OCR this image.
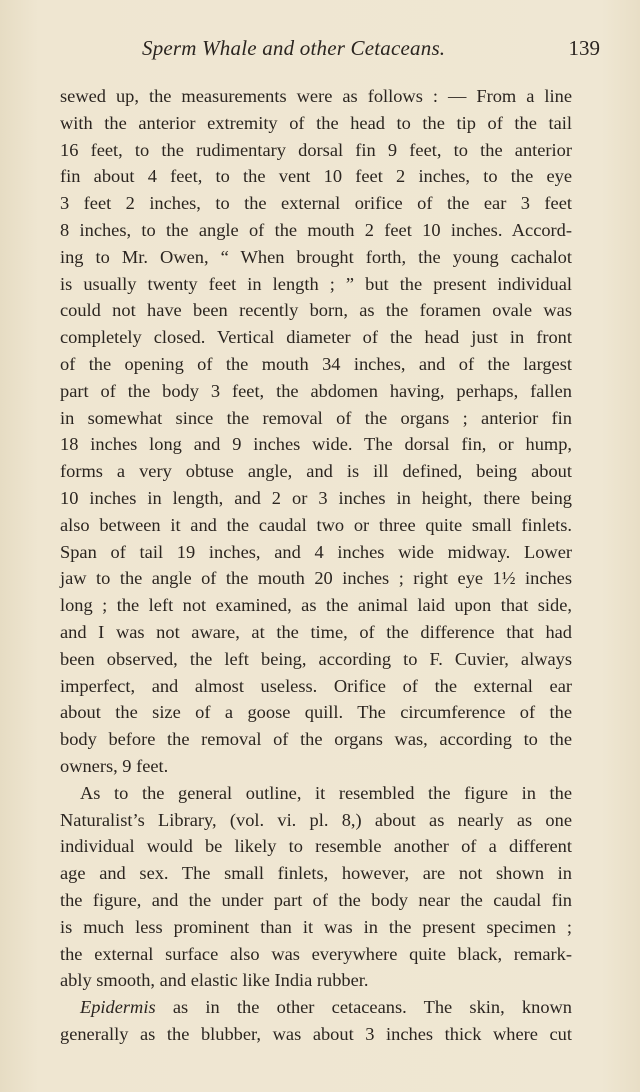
Sperm Whale and other Cetaceans.	139
sewed up, the measurements were as follows : — From a line
with the anterior extremity of the head to the tip of the tail
16 feet, to the rudimentary dorsal fin 9 feet, to the anterior
fin about 4 feet, to the vent 10 feet 2 inches, to the eye
3 feet 2 inches, to the external orifice of the ear 3 feet
8 inches, to the angle of the mouth 2 feet 10 inches. Accord-
ing to Mr. Owen, “ When brought forth, the young cachalot
is usually twenty feet in length ; ” but the present individual
could not have been recently born, as the foramen ovale was
completely closed. Vertical diameter of the head just in front
of the opening of the mouth 34 inches, and of the largest
part of the body 3 feet, the abdomen having, perhaps, fallen
in somewhat since the removal of the organs ; anterior fin
18 inches long and 9 inches wide. The dorsal fin, or hump,
forms a very obtuse angle, and is ill defined, being about
10 inches in length, and 2 or 3 inches in height, there being
also between it and the caudal two or three quite small finlets.
Span of tail 19 inches, and 4 inches wide midway. Lower
jaw to the angle of the mouth 20 inches ; right eye 1½ inches
long ; the left not examined, as the animal laid upon that side,
and I was not aware, at the time, of the difference that had
been observed, the left being, according to F. Cuvier, always
imperfect, and almost useless. Orifice of the external ear
about the size of a goose quill. The circumference of the
body before the removal of the organs was, according to the
owners, 9 feet.
As to the general outline, it resembled the figure in the
Naturalist’s Library, (vol. vi. pl. 8,) about as nearly as one
individual would be likely to resemble another of a different
age and sex. The small finlets, however, are not shown in
the figure, and the under part of the body near the caudal fin
is much less prominent than it was in the present specimen ;
the external surface also was everywhere quite black, remark-
ably smooth, and elastic like India rubber.
Epidermis as in the other cetaceans. The skin, known
generally as the blubber, was about 3 inches thick where cut
